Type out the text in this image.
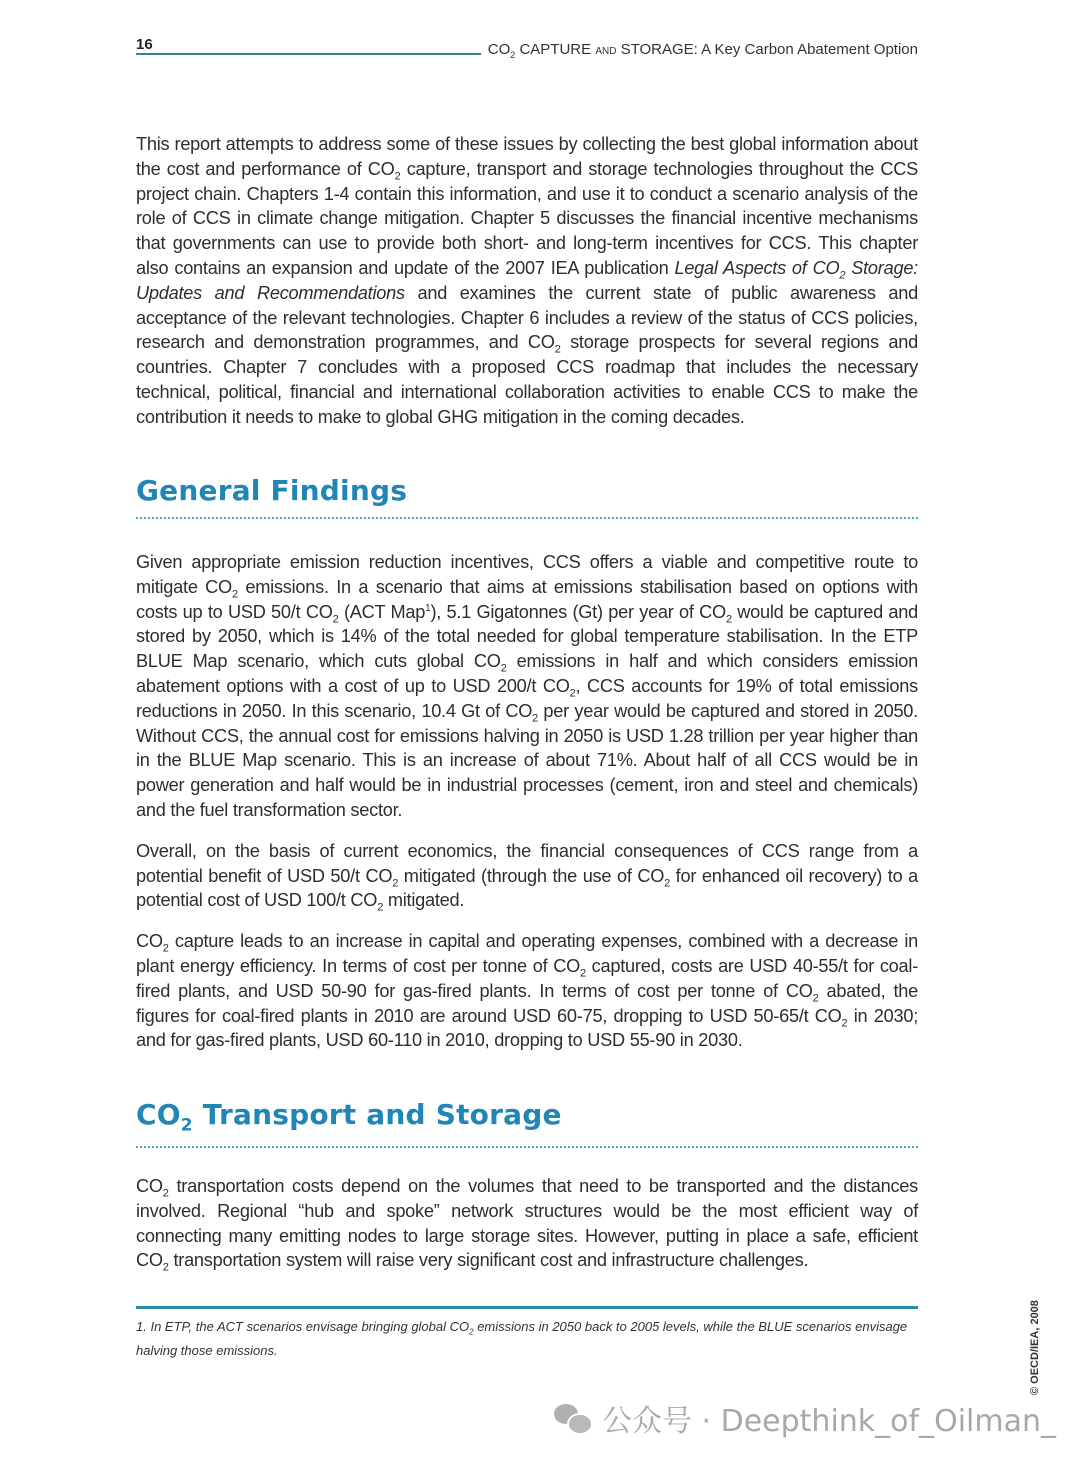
16	$CO_2$ CAPTURE AND STORAGE: A Key Carbon Abatement Option

This report attempts to address some of these issues by collecting the best global information about the cost and performance of $CO_2$ capture, transport and storage technologies throughout the CCS project chain. Chapters 1-4 contain this information, and use it to conduct a scenario analysis of the role of CCS in climate change mitigation. Chapter 5 discusses the financial incentive mechanisms that governments can use to provide both short- and long-term incentives for CCS. This chapter also contains an expansion and update of the 2007 IEA publication Legal Aspects of $CO_2$ Storage: Updates and Recommendations and examines the current state of public awareness and acceptance of the relevant technologies. Chapter 6 includes a review of the status of CCS policies, research and demonstration programmes, and $CO_2$ storage prospects for several regions and countries. Chapter 7 concludes with a proposed CCS roadmap that includes the necessary technical, political, financial and international collaboration activities to enable CCS to make the contribution it needs to make to global GHG mitigation in the coming decades.

General Findings

Given appropriate emission reduction incentives, CCS offers a viable and competitive route to mitigate $CO_2$ emissions. In a scenario that aims at emissions stabilisation based on options with costs up to USD 50/t $CO_2$ (ACT Map$^1$), 5.1 Gigatonnes (Gt) per year of $CO_2$ would be captured and stored by 2050, which is 14% of the total needed for global temperature stabilisation. In the ETP BLUE Map scenario, which cuts global $CO_2$ emissions in half and which considers emission abatement options with a cost of up to USD 200/t $CO_2$, CCS accounts for 19% of total emissions reductions in 2050. In this scenario, 10.4 Gt of $CO_2$ per year would be captured and stored in 2050. Without CCS, the annual cost for emissions halving in 2050 is USD 1.28 trillion per year higher than in the BLUE Map scenario. This is an increase of about 71%. About half of all CCS would be in power generation and half would be in industrial processes (cement, iron and steel and chemicals) and the fuel transformation sector.

Overall, on the basis of current economics, the financial consequences of CCS range from a potential benefit of USD 50/t $CO_2$ mitigated (through the use of $CO_2$ for enhanced oil recovery) to a potential cost of USD 100/t $CO_2$ mitigated.

$CO_2$ capture leads to an increase in capital and operating expenses, combined with a decrease in plant energy efficiency. In terms of cost per tonne of $CO_2$ captured, costs are USD 40-55/t for coal-fired plants, and USD 50-90 for gas-fired plants. In terms of cost per tonne of $CO_2$ abated, the figures for coal-fired plants in 2010 are around USD 60-75, dropping to USD 50-65/t $CO_2$ in 2030; and for gas-fired plants, USD 60-110 in 2010, dropping to USD 55-90 in 2030.

$CO_2$ Transport and Storage

$CO_2$ transportation costs depend on the volumes that need to be transported and the distances involved. Regional “hub and spoke” network structures would be the most efficient way of connecting many emitting nodes to large storage sites. However, putting in place a safe, efficient $CO_2$ transportation system will raise very significant cost and infrastructure challenges.

1. In ETP, the ACT scenarios envisage bringing global $CO_2$ emissions in 2050 back to 2005 levels, while the BLUE scenarios envisage halving those emissions.	© OECD/IEA, 2008
公众号 · Deepthink_of_Oilman_
